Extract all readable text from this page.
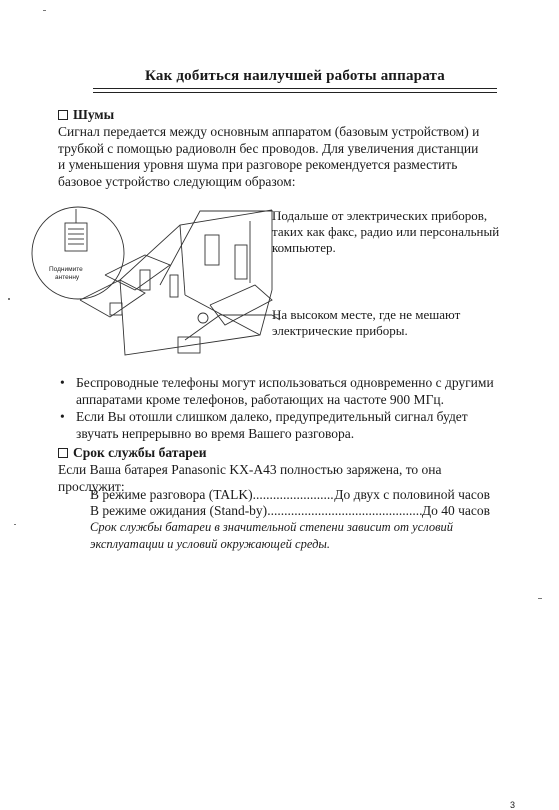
Как добиться наилучшей работы аппарата
Шумы
Сигнал передается между основным аппаратом (базовым устройством) и трубкой с помощью радиоволн бес проводов. Для увеличения дистанции и уменьшения уровня шума при разговоре рекомендуется разместить базовое устройство следующим образом:
Поднимите
антенну
Подальше от электрических приборов, таких как факс, радио или персональный компьютер.
На высоком месте, где не мешают электрические приборы.
• Беспроводные телефоны могут использоваться одновременно с другими аппаратами кроме телефонов, работающих на частоте 900 МГц.
• Если Вы отошли слишком далеко, предупредительный сигнал будет звучать непрерывно во время Вашего разговора.
Срок службы батареи
Если Ваша батарея Panasonic KX-A43 полностью заряжена, то она прослужит:
В режиме разговора (TALK) .....	До двух с половиной часов
В режиме ожидания (Stand-by) .....	До 40 часов
Срок службы батареи в значительной степени зависит от условий эксплуатации и условий окружающей среды.
3
